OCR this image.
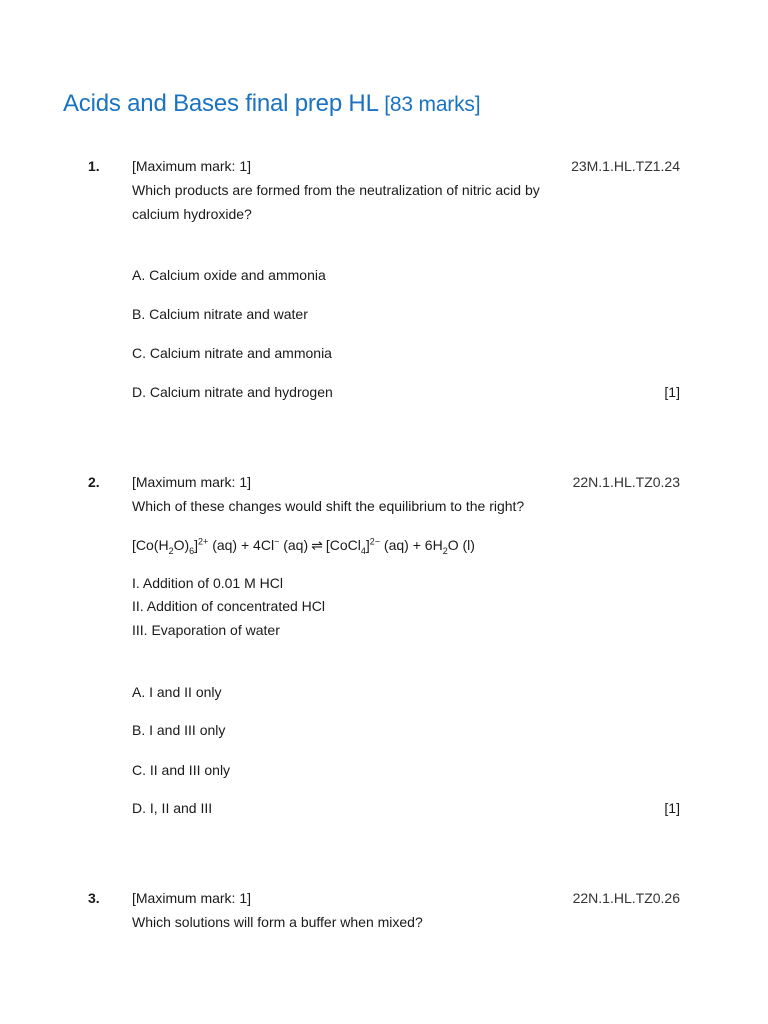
Acids and Bases final prep HL [83 marks]
1.	23M.1.HL.TZ1.24
[Maximum mark: 1]
Which products are formed from the neutralization of nitric acid by calcium hydroxide?
A. Calcium oxide and ammonia
B. Calcium nitrate and water
C. Calcium nitrate and ammonia
D. Calcium nitrate and hydrogen	[1]
2.	22N.1.HL.TZ0.23
[Maximum mark: 1]
Which of these changes would shift the equilibrium to the right?
$[Co(H_2O)_6]^{2+}$ (aq) + 4Cl− (aq) ⇌ [CoCl$_4$]$^{2-}$ $(aq) + 6H_2O$ (l)
I. Addition of 0.01 M HCl
II. Addition of concentrated HCl
III. Evaporation of water
A. I and II only
B. I and III only
C. II and III only
D. I, II and III	[1]
3.	22N.1.HL.TZ0.26
[Maximum mark: 1]
Which solutions will form a buffer when mixed?
